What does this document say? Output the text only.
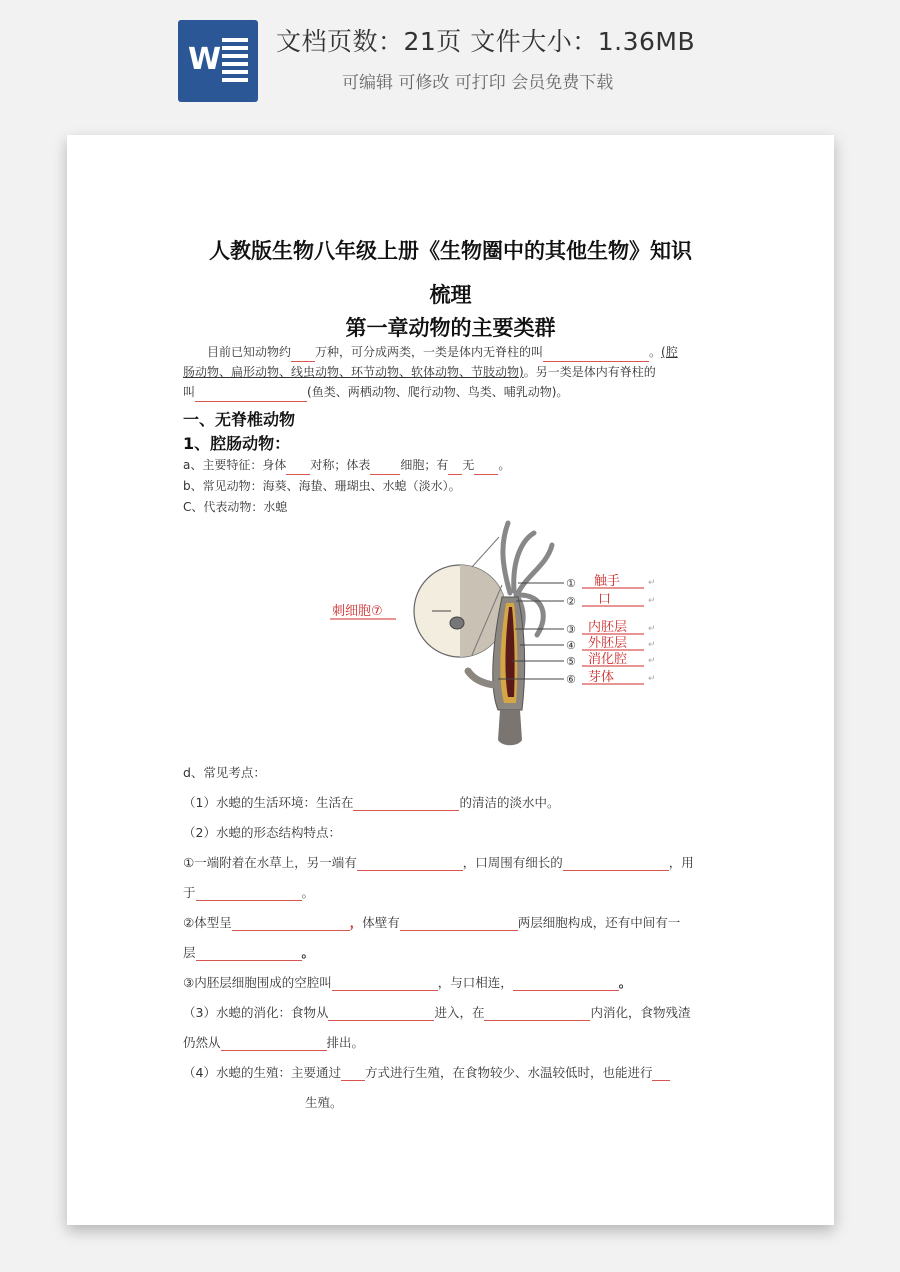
W
文档页数：21页 文件大小：1.36MB
可编辑 可修改 可打印 会员免费下载
人教版生物八年级上册《生物圈中的其他生物》知识
梳理
第一章动物的主要类群
目前已知动物约 万种，可分成两类，一类是体内无脊柱的叫	。(腔
肠动物、扁形动物、线虫动物、环节动物、软体动物、节肢动物)。另一类是体内有脊柱的
叫	(鱼类、两栖动物、爬行动物、鸟类、哺乳动物)。
一、无脊椎动物
1、腔肠动物：
a、主要特征：身体 对称；体表	细胞；有 无 。
b、常见动物：海葵、海蛰、珊瑚虫、水螅（淡水）。
C、代表动物：水螅
①
②
③
④
⑤
⑥
触手
口
内胚层
外胚层
消化腔
芽体
刺细胞⑦
↵
↵
↵
↵
↵
↵
d、常见考点：
（1）水螅的生活环境：生活在	的清洁的淡水中。
（2）水螅的形态结构特点：
①一端附着在水草上，另一端有	，口周围有细长的	，用
于	。
②体型呈	，体壁有	两层细胞构成，还有中间有一
层	。
③内胚层细胞围成的空腔叫	，与口相连，	。
（3）水螅的消化：食物从	进入，在	内消化，食物残渣
仍然从	排出。
（4）水螅的生殖：主要通过 方式进行生殖，在食物较少、水温较低时，也能进行
生殖。
